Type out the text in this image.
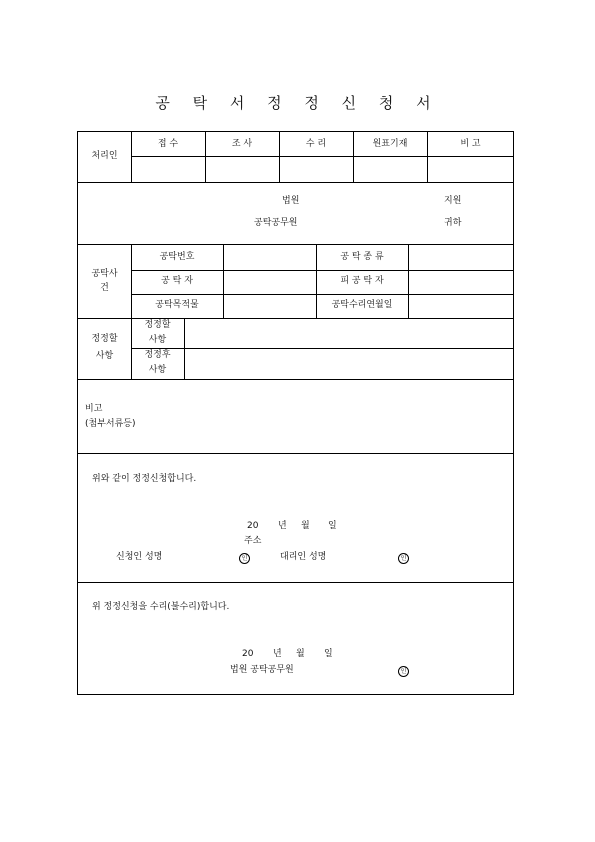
공 탁 서 정 정 신 청 서
처리인
접 수	조 사	수 리	원표기재	비 고
법원	지원
공탁공무원	귀하
공탁사
건
공탁번호	공 탁 종 류
공 탁 자	피 공 탁 자
공탁목적물	공탁수리연월일
정정할
사항
정정할
사항
정정후
사항
비고
(첨부서류등)
위와 같이 정정신청합니다.
20 년 월 일
주소
신청인 성명	인	대리인 성명	인
위 정정신청을 수리(불수리)합니다.
20 년 월 일
법원 공탁공무원	인
